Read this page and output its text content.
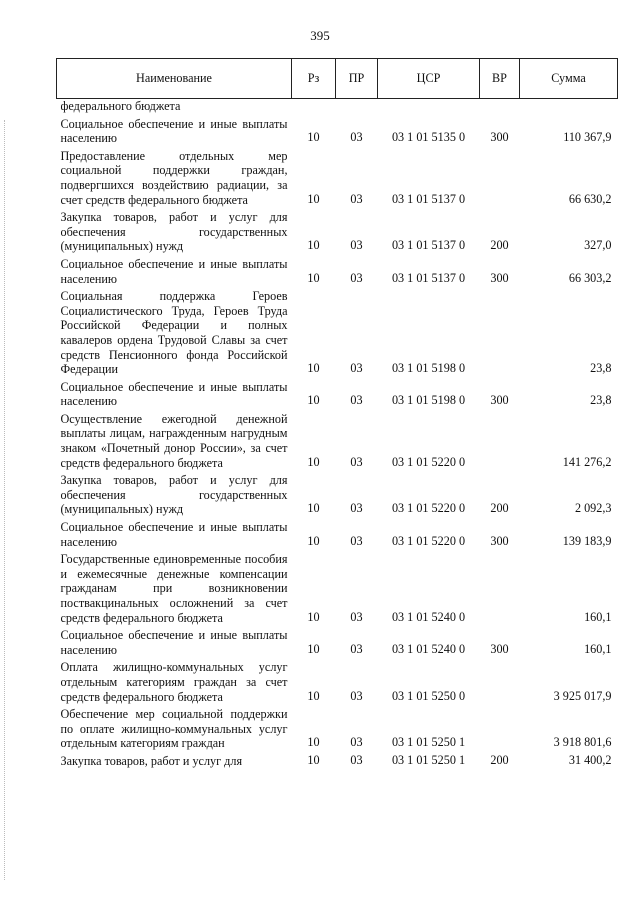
395
Наименование	Рз	ПР	ЦСР	ВР	Сумма
федерального бюджета					
Социальное обеспечение и иные выплаты населению	10	03	03 1 01 5135 0	300	110 367,9
Предоставление отдельных мер социальной поддержки граждан, подвергшихся воздействию радиации, за счет средств федерального бюджета	10	03	03 1 01 5137 0		66 630,2
Закупка товаров, работ и услуг для обеспечения государственных (муниципальных) нужд	10	03	03 1 01 5137 0	200	327,0
Социальное обеспечение и иные выплаты населению	10	03	03 1 01 5137 0	300	66 303,2
Социальная поддержка Героев Социалистического Труда, Героев Труда Российской Федерации и полных кавалеров ордена Трудовой Славы за счет средств Пенсионного фонда Российской Федерации	10	03	03 1 01 5198 0		23,8
Социальное обеспечение и иные выплаты населению	10	03	03 1 01 5198 0	300	23,8
Осуществление ежегодной денежной выплаты лицам, награжденным нагрудным знаком «Почетный донор России», за счет средств федерального бюджета	10	03	03 1 01 5220 0		141 276,2
Закупка товаров, работ и услуг для обеспечения государственных (муниципальных) нужд	10	03	03 1 01 5220 0	200	2 092,3
Социальное обеспечение и иные выплаты населению	10	03	03 1 01 5220 0	300	139 183,9
Государственные единовременные пособия и ежемесячные денежные компенсации гражданам при возникновении поствакцинальных осложнений за счет средств федерального бюджета	10	03	03 1 01 5240 0		160,1
Социальное обеспечение и иные выплаты населению	10	03	03 1 01 5240 0	300	160,1
Оплата жилищно-коммунальных услуг отдельным категориям граждан за счет средств федерального бюджета	10	03	03 1 01 5250 0		3 925 017,9
Обеспечение мер социальной поддержки по оплате жилищно-коммунальных услуг отдельным категориям граждан	10	03	03 1 01 5250 1		3 918 801,6
Закупка товаров, работ и услуг для	10	03	03 1 01 5250 1	200	31 400,2
